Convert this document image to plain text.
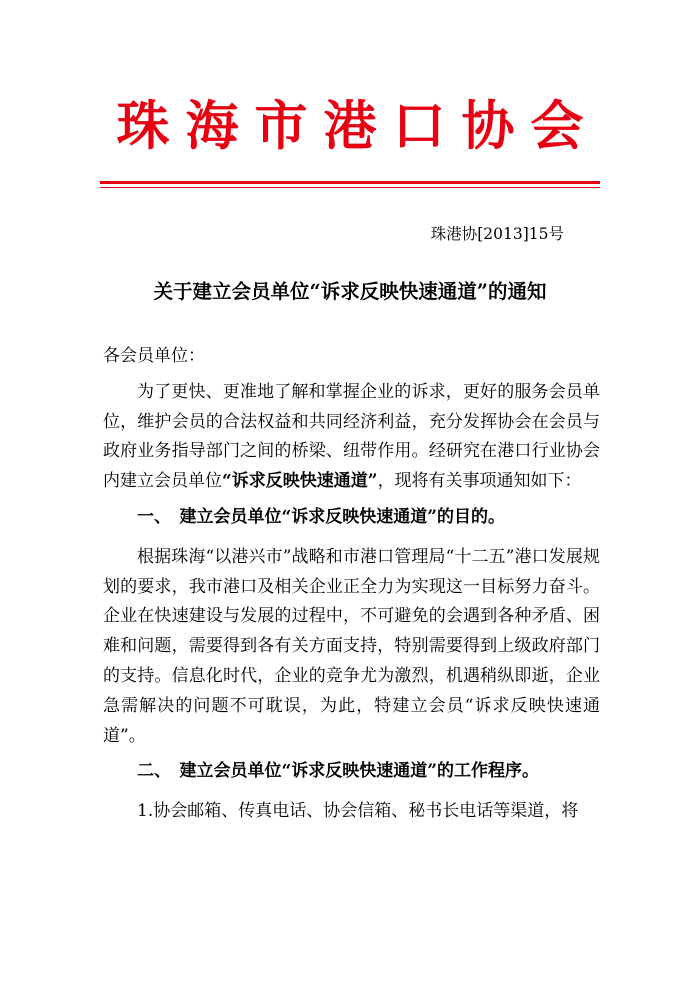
珠海市港口协会
珠港协[2013]15号
关于建立会员单位“诉求反映快速通道”的通知

各会员单位：

为了更快、更准地了解和掌握企业的诉求，更好的服务会员单位，维护会员的合法权益和共同经济利益，充分发挥协会在会员与政府业务指导部门之间的桥梁、纽带作用。经研究在港口行业协会内建立会员单位“诉求反映快速通道”，现将有关事项通知如下：

一、　建立会员单位“诉求反映快速通道”的目的。

根据珠海“以港兴市”战略和市港口管理局“十二五”港口发展规划的要求，我市港口及相关企业正全力为实现这一目标努力奋斗。企业在快速建设与发展的过程中，不可避免的会遇到各种矛盾、困难和问题，需要得到各有关方面支持，特别需要得到上级政府部门的支持。信息化时代，企业的竞争尤为激烈，机遇稍纵即逝，企业急需解决的问题不可耽误，为此，特建立会员“诉求反映快速通道”。

二、　建立会员单位“诉求反映快速通道”的工作程序。

1.协会邮箱、传真电话、协会信箱、秘书长电话等渠道，将
